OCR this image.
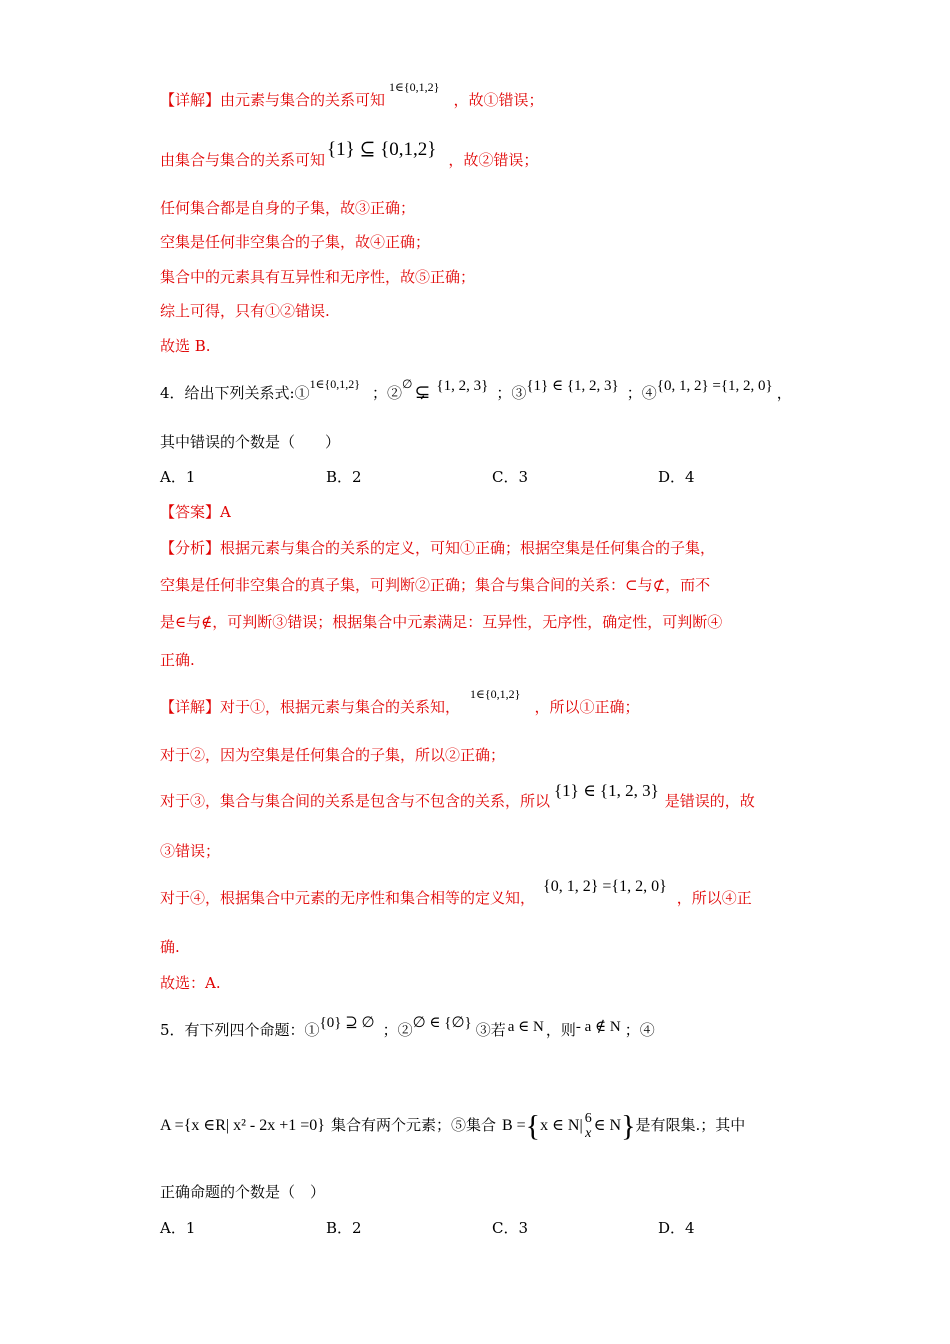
【详解】由元素与集合的关系可知$^{1\in\{0,1,2\}}$，故①错误；
由集合与集合的关系可知 {1} ⊆ {0,1,2} ，故②错误；
任何集合都是自身的子集，故③正确；
空集是任何非空集合的子集，故④正确；
集合中的元素具有互异性和无序性，故⑤正确；
综上可得，只有①②错误.
故选 B.
4．给出下列关系式:①$^{1\in\{0,1,2\}}$ ；②∅ ⊊ {1, 2, 3} ；③{1} ∈ {1, 2, 3} ；④{0, 1, 2} ={1, 2, 0} ，
其中错误的个数是（　　）
A．1	B．2	C．3	D．4
【答案】A
【分析】根据元素与集合的关系的定义，可知①正确；根据空集是任何集合的子集，
空集是任何非空集合的真子集，可判断②正确；集合与集合间的关系：⊂与⊄，而不
是∈与∉，可判断③错误；根据集合中元素满足：互异性，无序性，确定性，可判断④
正确.
【详解】对于①，根据元素与集合的关系知，$^{1\in\{0,1,2\}}$，所以①正确；
对于②，因为空集是任何集合的子集，所以②正确；
对于③，集合与集合间的关系是包含与不包含的关系，所以{1} ∈ {1, 2, 3}是错误的，故
③错误；
对于④，根据集合中元素的无序性和集合相等的定义知，{0, 1, 2} ={1, 2, 0}，所以④正
确.
故选：A.
5．有下列四个命题：①{0} ⊇ ∅ ；②∅ ∈ {∅} ③若 a ∈ N ，则- a ∉ N ；④
A ={x ∈R| x² - 2x +1 =0} 集合有两个元素；⑤集合 B ={x ∈ N| 6
x ∈ N}是有限集.；其中
正确命题的个数是（　）
A．1	B．2	C．3	D．4
